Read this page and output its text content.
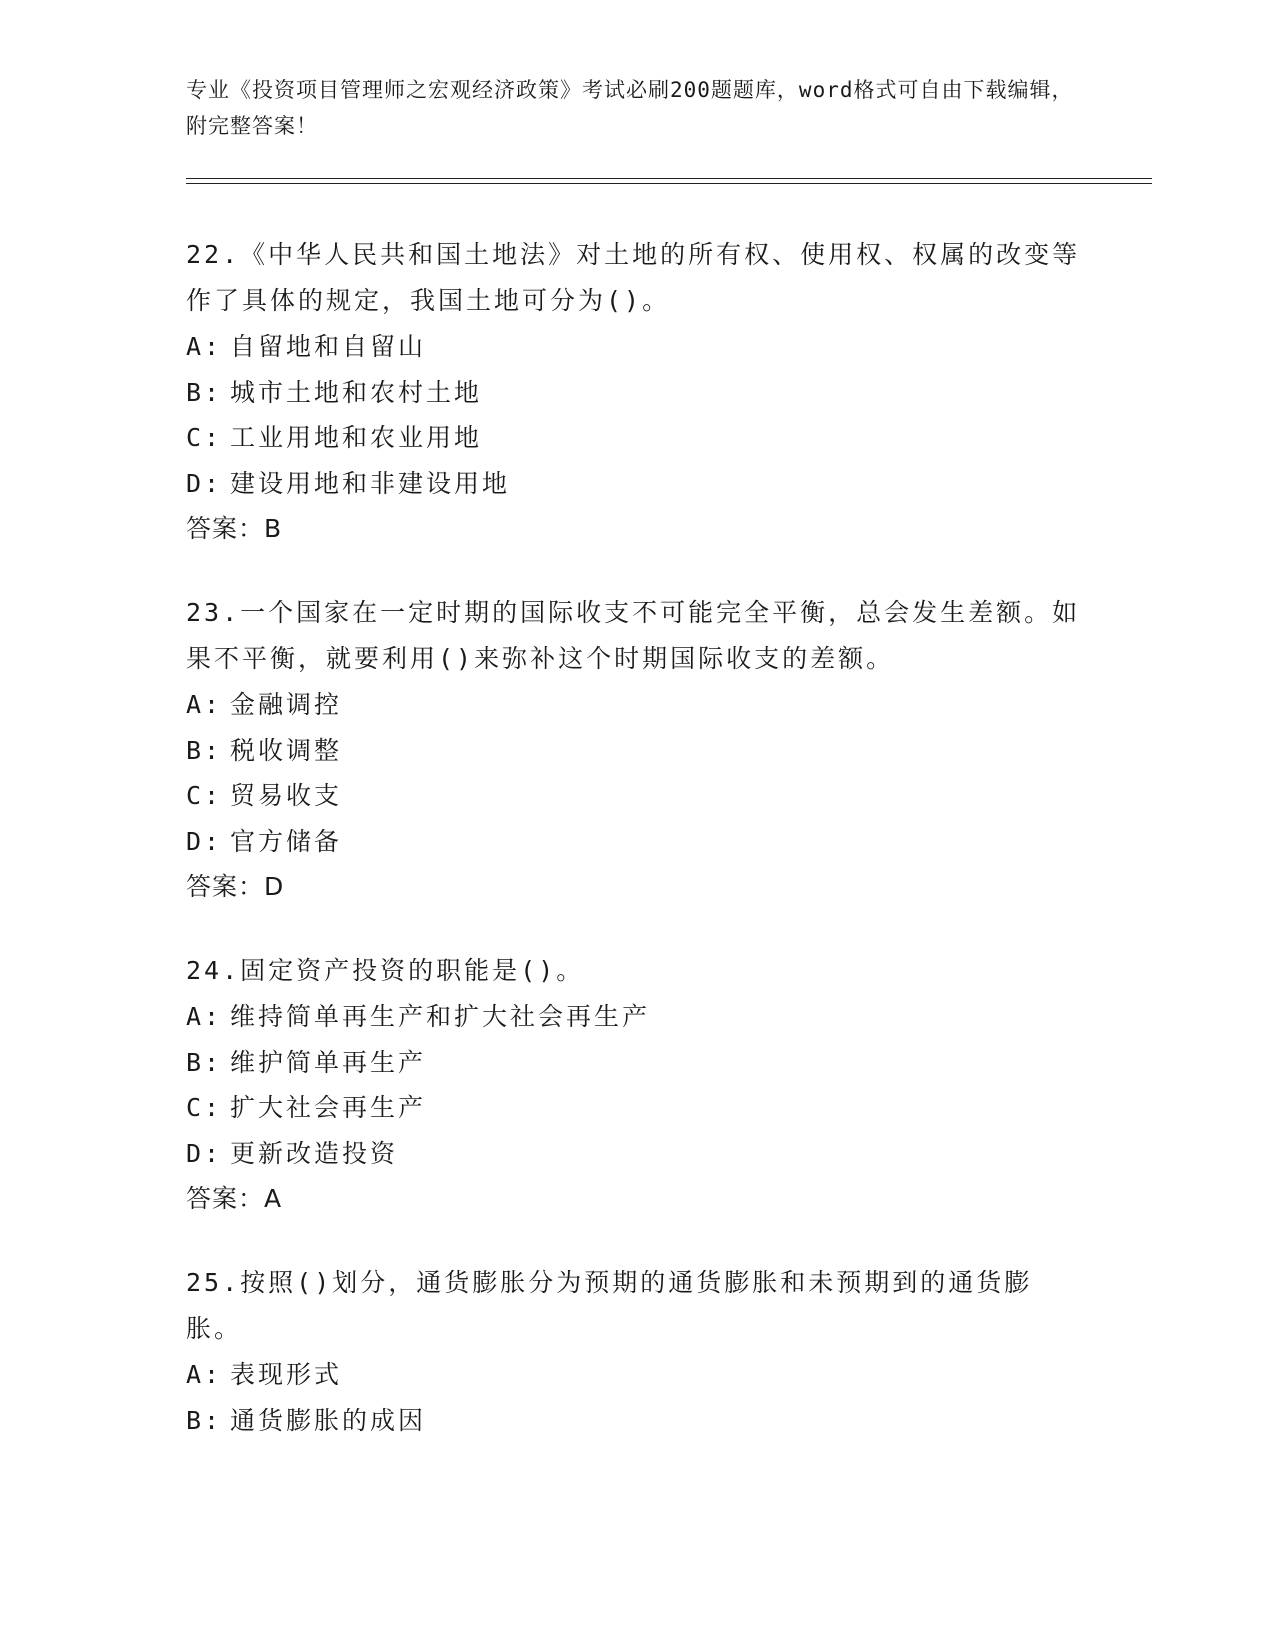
专业《投资项目管理师之宏观经济政策》考试必刷200题题库，word格式可自由下载编辑，附完整答案！
22.《中华人民共和国土地法》对土地的所有权、使用权、权属的改变等作了具体的规定，我国土地可分为()。
A: 自留地和自留山
B: 城市土地和农村土地
C: 工业用地和农业用地
D: 建设用地和非建设用地
答案：B
23.一个国家在一定时期的国际收支不可能完全平衡，总会发生差额。如果不平衡，就要利用()来弥补这个时期国际收支的差额。
A: 金融调控
B: 税收调整
C: 贸易收支
D: 官方储备
答案：D
24.固定资产投资的职能是()。
A: 维持简单再生产和扩大社会再生产
B: 维护简单再生产
C: 扩大社会再生产
D: 更新改造投资
答案：A
25.按照()划分，通货膨胀分为预期的通货膨胀和未预期到的通货膨胀。
A: 表现形式
B: 通货膨胀的成因
